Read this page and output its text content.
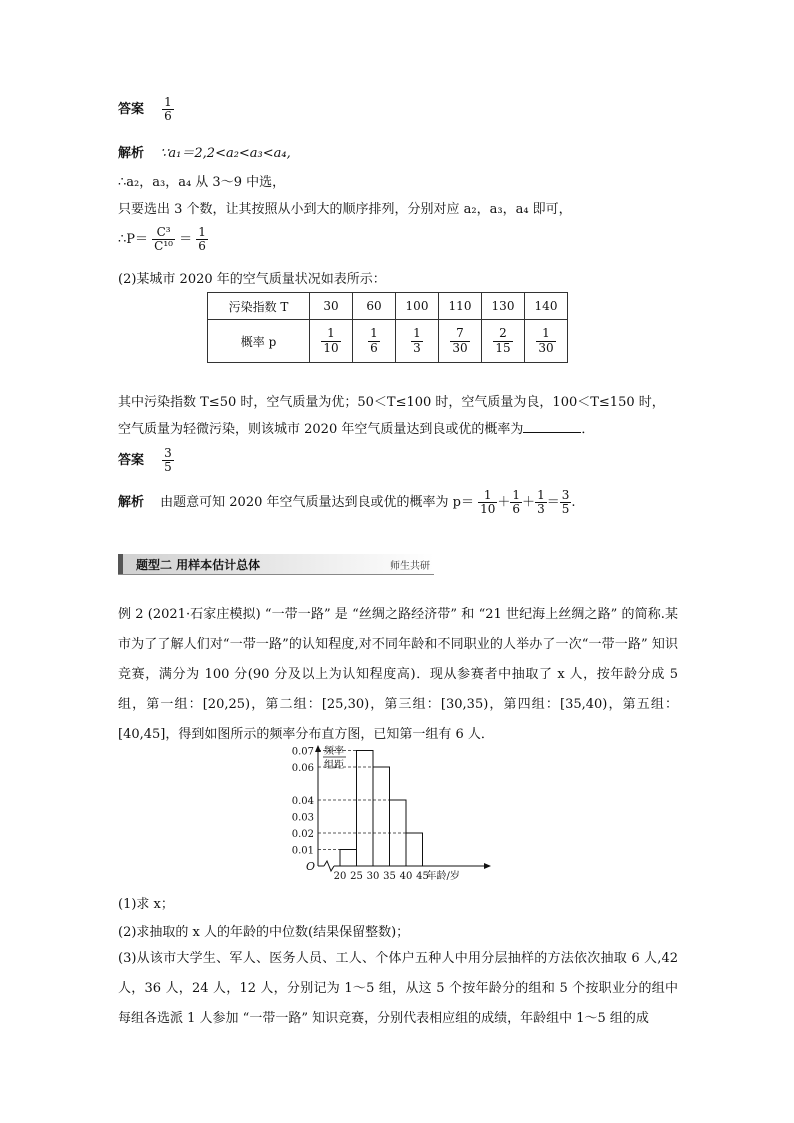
答案 $\frac{1}{6}$
解析 ∵a₁＝2,2<a₂<a₃<a₄,
∴a₂，a₃，a₄ 从 3～9 中选，
只要选出 3 个数，让其按照从小到大的顺序排列，分别对应 a₂，a₃，a₄ 即可，
∴P＝ $\frac{\text{C³}}{\text{C¹⁰}} = \frac{1}{6}$
(2)某城市 2020 年的空气质量状况如表所示：
污染指数 T	30	60	100	110	130	140
概率 p	$\frac{1}{10}$	$\frac{1}{6}$	$\frac{1}{3}$	$\frac{7}{30}$	$\frac{2}{15}$	$\frac{1}{30}$
其中污染指数 T≤50 时，空气质量为优；50＜T≤100 时，空气质量为良，100＜T≤150 时，
空气质量为轻微污染，则该城市 2020 年空气质量达到良或优的概率为	．
答案 $\frac{3}{5}$
解析 由题意可知 2020 年空气质量达到良或优的概率为 $p= \frac{1}{10} + \frac{1}{6} + \frac{1}{3} = \frac{3}{5}$ .
题型二 用样本估计总体	师生共研
例 2 (2021·石家庄模拟) “一带一路” 是 “丝绸之路经济带” 和 “21 世纪海上丝绸之路” 的简称.某市为了了解人们对“一带一路”的认知程度,对不同年龄和不同职业的人举办了一次“一带一路” 知识竞赛，满分为 100 分(90 分及以上为认知程度高)．现从参赛者中抽取了 x 人，按年龄分成 5 组，第一组：[20,25)，第二组：[25,30)，第三组：[30,35)，第四组：[35,40)，第五组：[40,45]，得到如图所示的频率分布直方图，已知第一组有 6 人．
0.01
0.02
0.03
0.04
0.06
0.07
20 25 30 35 40 45
O
年龄/岁
频率
组距
(1)求 x；
(2)求抽取的 x 人的年龄的中位数(结果保留整数)；
(3)从该市大学生、军人、医务人员、工人、个体户五种人中用分层抽样的方法依次抽取 6 人,42 人，36 人，24 人，12 人，分别记为 1～5 组，从这 5 个按年龄分的组和 5 个按职业分的组中每组各选派 1 人参加 “一带一路” 知识竞赛，分别代表相应组的成绩，年龄组中 1～5 组的成
